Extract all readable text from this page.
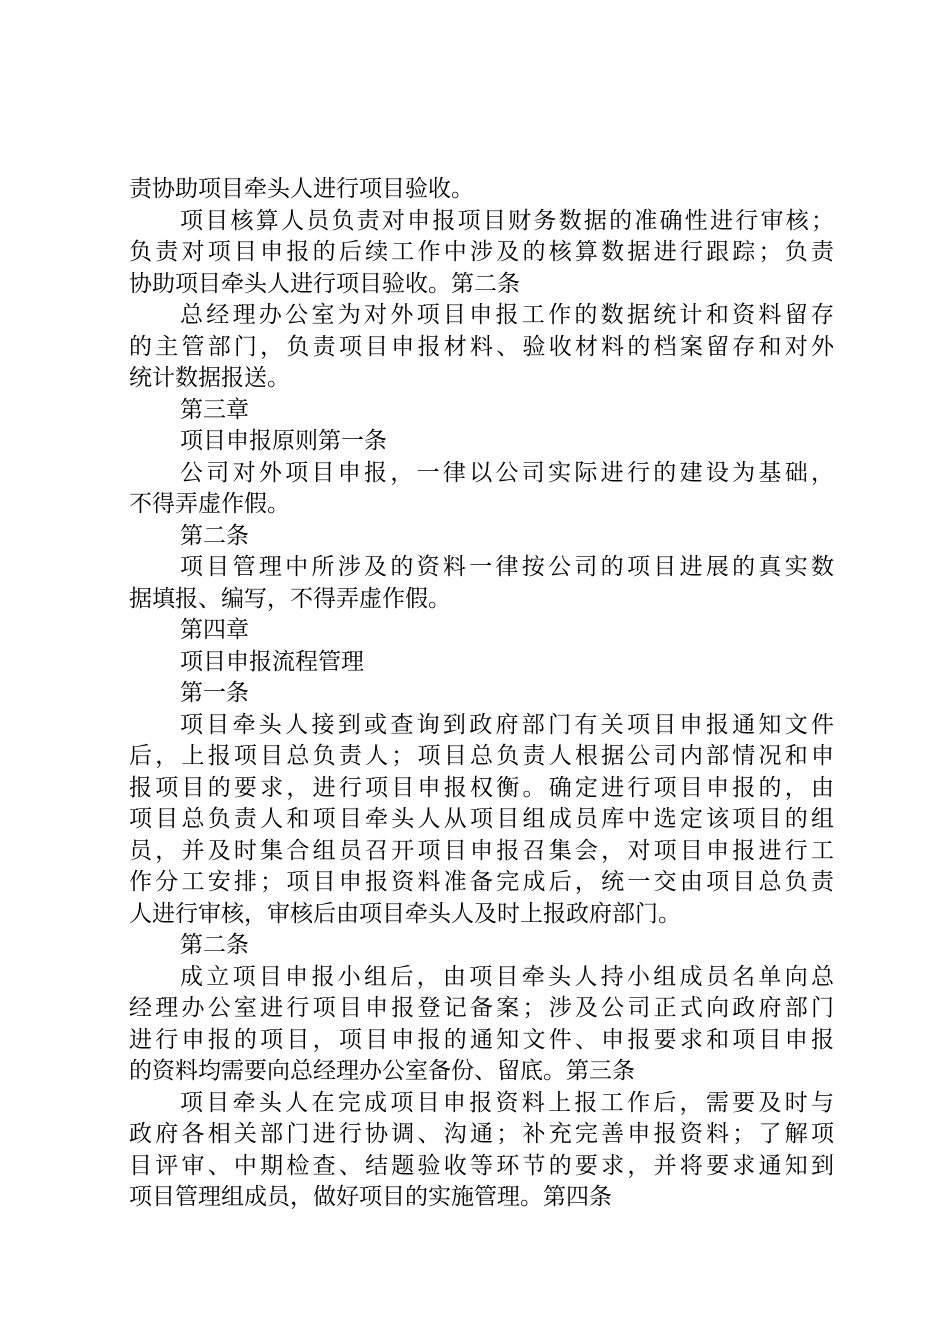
责协助项目牵头人进行项目验收。
项目核算人员负责对申报项目财务数据的准确性进行审核；
负责对项目申报的后续工作中涉及的核算数据进行跟踪；负责
协助项目牵头人进行项目验收。第二条
总经理办公室为对外项目申报工作的数据统计和资料留存
的主管部门，负责项目申报材料、验收材料的档案留存和对外
统计数据报送。
第三章
项目申报原则第一条
公司对外项目申报，一律以公司实际进行的建设为基础，
不得弄虚作假。
第二条
项目管理中所涉及的资料一律按公司的项目进展的真实数
据填报、编写，不得弄虚作假。
第四章
项目申报流程管理
第一条
项目牵头人接到或查询到政府部门有关项目申报通知文件
后，上报项目总负责人；项目总负责人根据公司内部情况和申
报项目的要求，进行项目申报权衡。确定进行项目申报的，由
项目总负责人和项目牵头人从项目组成员库中选定该项目的组
员，并及时集合组员召开项目申报召集会，对项目申报进行工
作分工安排；项目申报资料准备完成后，统一交由项目总负责
人进行审核，审核后由项目牵头人及时上报政府部门。
第二条
成立项目申报小组后，由项目牵头人持小组成员名单向总
经理办公室进行项目申报登记备案；涉及公司正式向政府部门
进行申报的项目，项目申报的通知文件、申报要求和项目申报
的资料均需要向总经理办公室备份、留底。第三条
项目牵头人在完成项目申报资料上报工作后，需要及时与
政府各相关部门进行协调、沟通；补充完善申报资料；了解项
目评审、中期检查、结题验收等环节的要求，并将要求通知到
项目管理组成员，做好项目的实施管理。第四条
